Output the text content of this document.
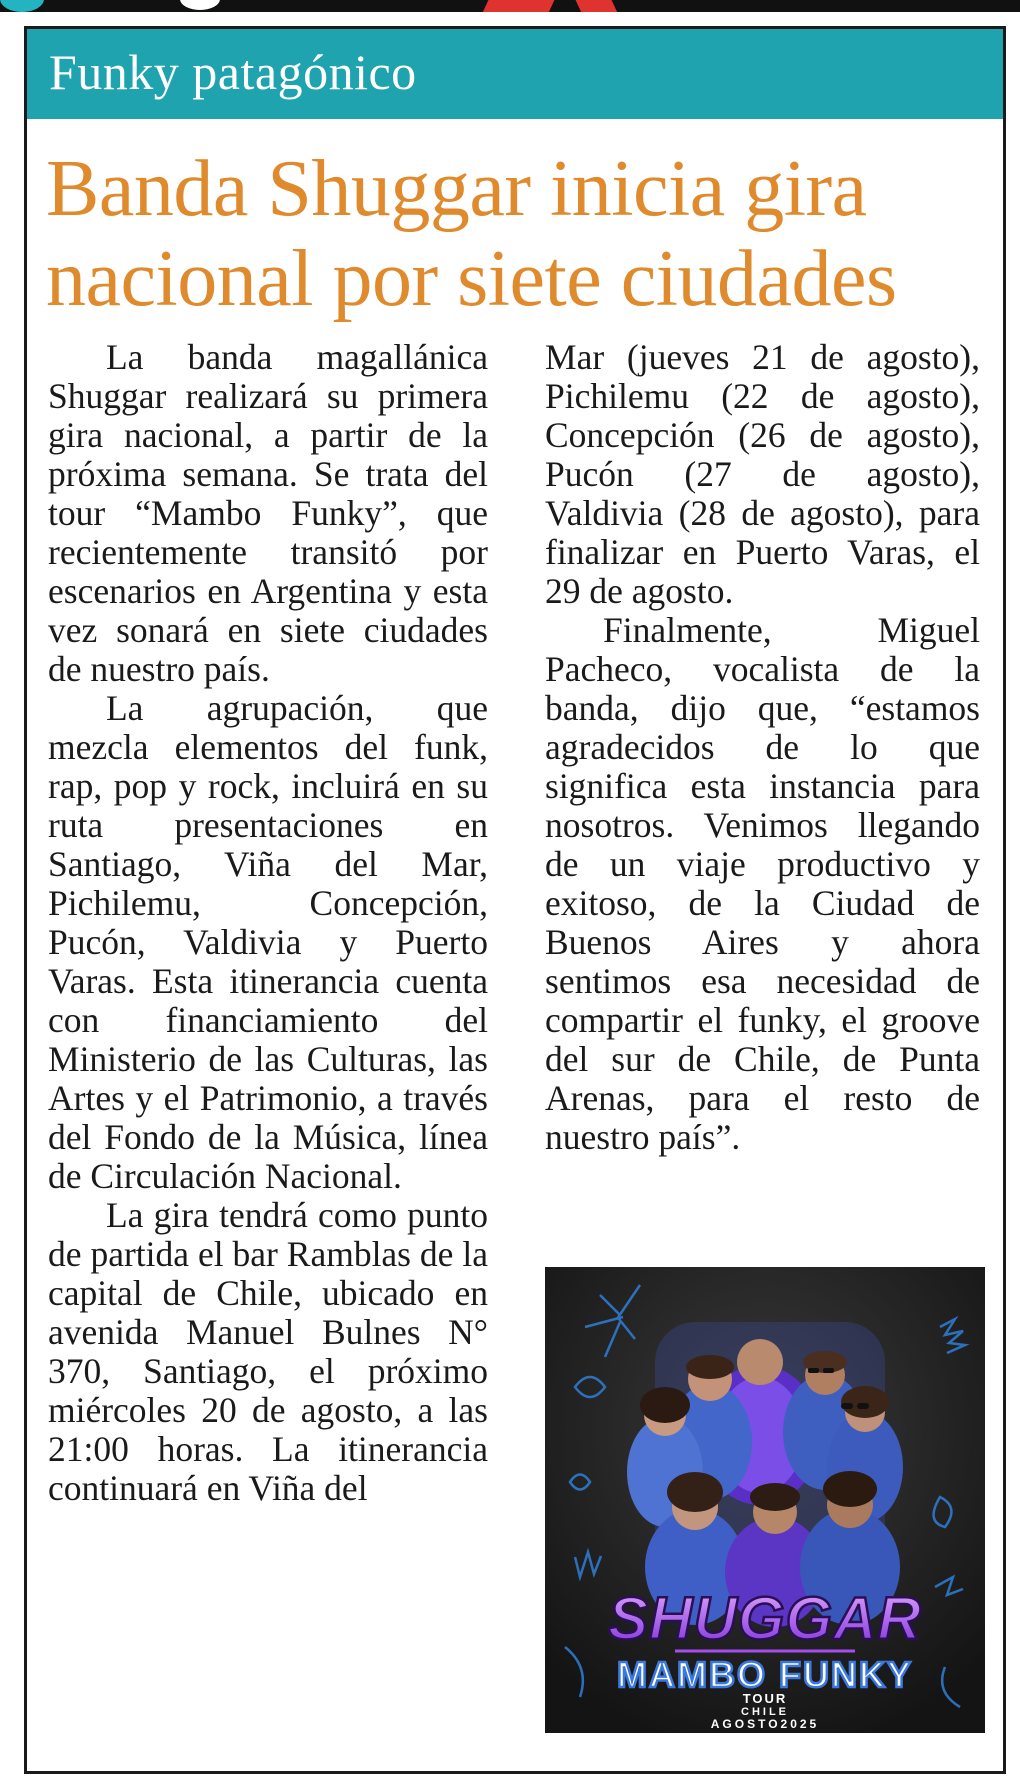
Funky patagónico
Banda Shuggar inicia gira
nacional por siete ciudades

La banda magallánica Shuggar realizará su primera gira nacional, a partir de la próxima semana. Se trata del tour “Mambo Funky”, que recientemente transitó por escenarios en Argentina y esta vez sonará en siete ciudades de nuestro país.

La agrupación, que mezcla elementos del funk, rap, pop y rock, incluirá en su ruta presentaciones en Santiago, Viña del Mar, Pichilemu, Concepción, Pucón, Valdivia y Puerto Varas. Esta itinerancia cuenta con financiamiento del Ministerio de las Culturas, las Artes y el Patrimonio, a través del Fondo de la Música, línea de Circulación Nacional.

La gira tendrá como punto de partida el bar Ramblas de la capital de Chile, ubicado en avenida Manuel Bulnes N° 370, Santiago, el próximo miércoles 20 de agosto, a las 21:00 horas. La itinerancia continuará en Viña del

Mar (jueves 21 de agosto), Pichilemu (22 de agosto), Concepción (26 de agosto), Pucón (27 de agosto), Valdivia (28 de agosto), para finalizar en Puerto Varas, el 29 de agosto.

Finalmente, Miguel Pacheco, vocalista de la banda, dijo que, “estamos agradecidos de lo que significa esta instancia para nosotros. Venimos llegando de un viaje productivo y exitoso, de la Ciudad de Buenos Aires y ahora sentimos esa necesidad de compartir el funky, el groove del sur de Chile, de Punta Arenas, para el resto de nuestro país”.

SHUGGAR
MAMBO FUNKY
TOUR
CHILE
AGOSTO2025
